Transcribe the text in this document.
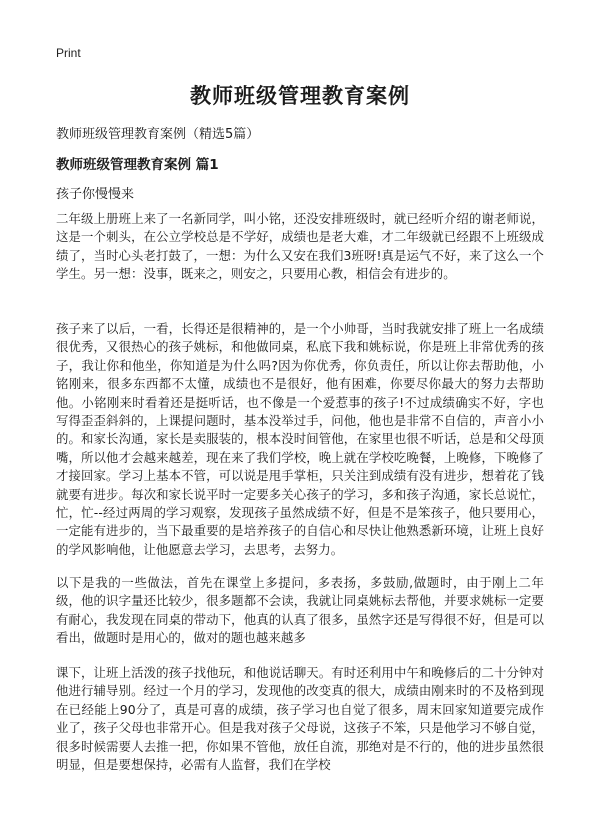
Print
教师班级管理教育案例

教师班级管理教育案例（精选5篇）

教师班级管理教育案例 篇1

孩子你慢慢来

二年级上册班上来了一名新同学，叫小铭，还没安排班级时，就已经听介绍的谢老师说，这是一个刺头，在公立学校总是不学好，成绩也是老大难，才二年级就已经跟不上班级成绩了，当时心头老打鼓了，一想：为什么又安在我们3班呀!真是运气不好，来了这么一个学生。另一想：没事，既来之，则安之，只要用心教，相信会有进步的。

孩子来了以后，一看，长得还是很精神的，是一个小帅哥，当时我就安排了班上一名成绩很优秀，又很热心的孩子姚标，和他做同桌，私底下我和姚标说，你是班上非常优秀的孩子，我让你和他坐，你知道是为什么吗?因为你优秀，你负责任，所以让你去帮助他，小铭刚来，很多东西都不太懂，成绩也不是很好，他有困难，你要尽你最大的努力去帮助他。小铭刚来时看着还是挺听话，也不像是一个爱惹事的孩子!不过成绩确实不好，字也写得歪歪斜斜的，上课提问题时，基本没举过手，问他，他也是非常不自信的，声音小小的。和家长沟通，家长是卖服装的，根本没时间管他，在家里也很不听话，总是和父母顶嘴，所以他才会越来越差，现在来了我们学校，晚上就在学校吃晚餐，上晚修，下晚修了才接回家。学习上基本不管，可以说是甩手掌柜，只关注到成绩有没有进步，想着花了钱就要有进步。每次和家长说平时一定要多关心孩子的学习，多和孩子沟通，家长总说忙，忙，忙--经过两周的学习观察，发现孩子虽然成绩不好，但是不是笨孩子，他只要用心，一定能有进步的，当下最重要的是培养孩子的自信心和尽快让他熟悉新环境，让班上良好的学风影响他，让他愿意去学习，去思考，去努力。

以下是我的一些做法，首先在课堂上多提问，多表扬，多鼓励,做题时，由于刚上二年级，他的识字量还比较少，很多题都不会读，我就让同桌姚标去帮他，并要求姚标一定要有耐心，我发现在同桌的带动下，他真的认真了很多，虽然字还是写得很不好，但是可以看出，做题时是用心的，做对的题也越来越多

课下，让班上活泼的孩子找他玩，和他说话聊天。有时还利用中午和晚修后的二十分钟对他进行辅导别。经过一个月的学习，发现他的改变真的很大，成绩由刚来时的不及格到现在已经能上90分了，真是可喜的成绩，孩子学习也自觉了很多，周末回家知道要完成作业了，孩子父母也非常开心。但是我对孩子父母说，这孩子不笨，只是他学习不够自觉，很多时候需要人去推一把，你如果不管他，放任自流，那绝对是不行的，他的进步虽然很明显，但是要想保持，必需有人监督，我们在学校
